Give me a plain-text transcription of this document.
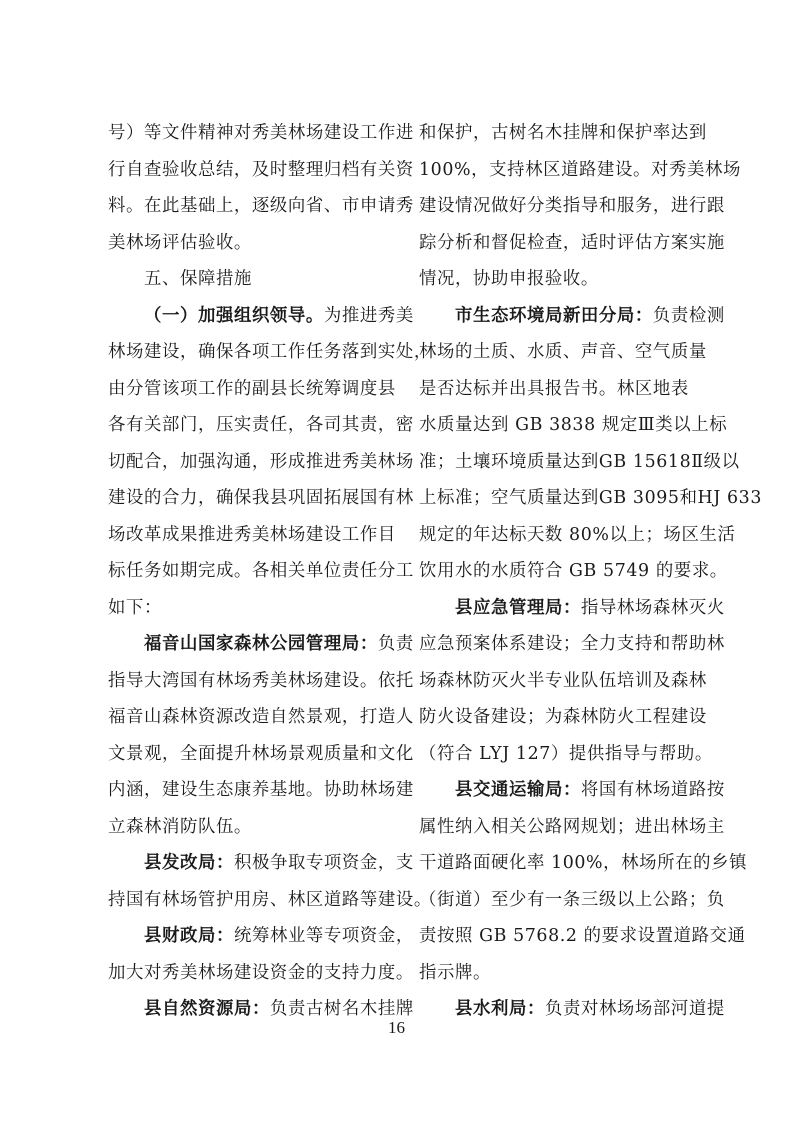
号）等文件精神对秀美林场建设工作进
行自查验收总结，及时整理归档有关资
料。在此基础上，逐级向省、市申请秀
美林场评估验收。
五、保障措施
（一）加强组织领导。为推进秀美
林场建设，确保各项工作任务落到实处，
由分管该项工作的副县长统筹调度县
各有关部门，压实责任，各司其责，密
切配合，加强沟通，形成推进秀美林场
建设的合力，确保我县巩固拓展国有林
场改革成果推进秀美林场建设工作目
标任务如期完成。各相关单位责任分工
如下：
福音山国家森林公园管理局：负责
指导大湾国有林场秀美林场建设。依托
福音山森林资源改造自然景观，打造人
文景观，全面提升林场景观质量和文化
内涵，建设生态康养基地。协助林场建
立森林消防队伍。
县发改局：积极争取专项资金，支
持国有林场管护用房、林区道路等建设。
县财政局：统筹林业等专项资金，
加大对秀美林场建设资金的支持力度。
县自然资源局：负责古树名木挂牌
和保护，古树名木挂牌和保护率达到
100%，支持林区道路建设。对秀美林场
建设情况做好分类指导和服务，进行跟
踪分析和督促检查，适时评估方案实施
情况，协助申报验收。
市生态环境局新田分局：负责检测
林场的土质、水质、声音、空气质量
是否达标并出具报告书。林区地表
水质量达到 GB 3838 规定Ⅲ类以上标
准；土壤环境质量达到GB 15618Ⅱ级以
上标准；空气质量达到GB 3095和HJ 633
规定的年达标天数 80%以上；场区生活
饮用水的水质符合 GB 5749 的要求。
县应急管理局：指导林场森林灭火
应急预案体系建设；全力支持和帮助林
场森林防灭火半专业队伍培训及森林
防火设备建设；为森林防火工程建设
（符合 LYJ 127）提供指导与帮助。
县交通运输局：将国有林场道路按
属性纳入相关公路网规划；进出林场主
干道路面硬化率 100%，林场所在的乡镇
（街道）至少有一条三级以上公路；负
责按照 GB 5768.2 的要求设置道路交通
指示牌。
县水利局：负责对林场场部河道提
16
